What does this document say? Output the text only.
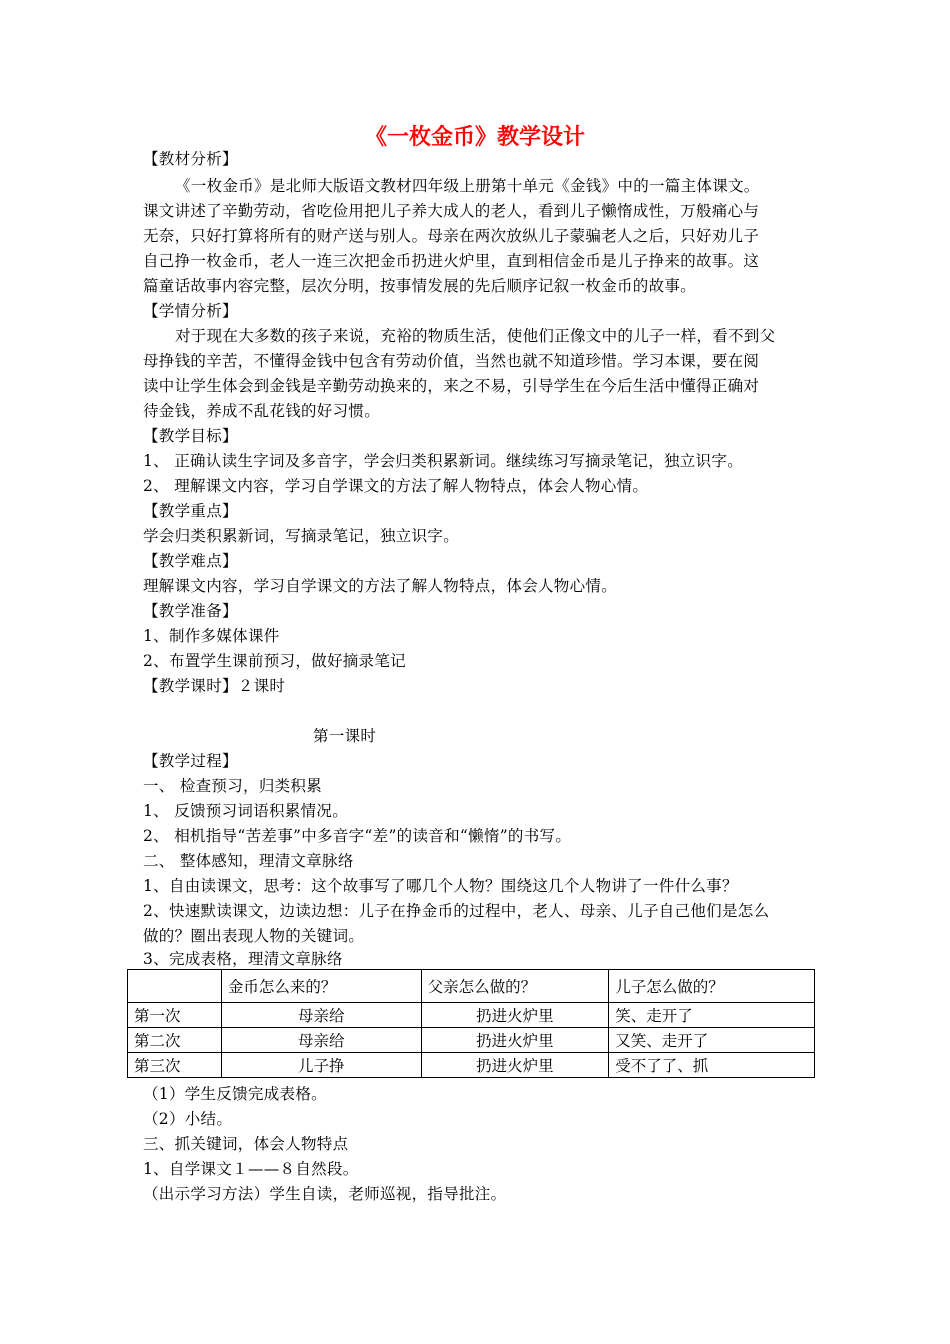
《一枚金币》教学设计
【教材分析】
《一枚金币》是北师大版语文教材四年级上册第十单元《金钱》中的一篇主体课文。
课文讲述了辛勤劳动，省吃俭用把儿子养大成人的老人，看到儿子懒惰成性，万般痛心与
无奈，只好打算将所有的财产送与别人。母亲在两次放纵儿子蒙骗老人之后，只好劝儿子
自己挣一枚金币，老人一连三次把金币扔进火炉里，直到相信金币是儿子挣来的故事。这
篇童话故事内容完整，层次分明，按事情发展的先后顺序记叙一枚金币的故事。
【学情分析】
对于现在大多数的孩子来说，充裕的物质生活，使他们正像文中的儿子一样，看不到父
母挣钱的辛苦，不懂得金钱中包含有劳动价值，当然也就不知道珍惜。学习本课，要在阅
读中让学生体会到金钱是辛勤劳动换来的，来之不易，引导学生在今后生活中懂得正确对
待金钱，养成不乱花钱的好习惯。
【教学目标】
1、 正确认读生字词及多音字，学会归类积累新词。继续练习写摘录笔记，独立识字。
2、 理解课文内容，学习自学课文的方法了解人物特点，体会人物心情。
【教学重点】
学会归类积累新词，写摘录笔记，独立识字。
【教学难点】
理解课文内容，学习自学课文的方法了解人物特点，体会人物心情。
【教学准备】
1、制作多媒体课件
2、布置学生课前预习，做好摘录笔记
【教学课时】２课时
第一课时
【教学过程】
一、 检查预习，归类积累
1、 反馈预习词语积累情况。
2、 相机指导“苦差事”中多音字“差”的读音和“懒惰”的书写。
二、 整体感知，理清文章脉络
1、自由读课文，思考：这个故事写了哪几个人物？围绕这几个人物讲了一件什么事？
2、快速默读课文，边读边想：儿子在挣金币的过程中，老人、母亲、儿子自己他们是怎么
做的？圈出表现人物的关键词。
3、完成表格，理清文章脉络
	金币怎么来的？	父亲怎么做的？	儿子怎么做的？
第一次	母亲给	扔进火炉里	笑、走开了
第二次	母亲给	扔进火炉里	又笑、走开了
第三次	儿子挣	扔进火炉里	受不了了、抓
（1）学生反馈完成表格。
（2）小结。
三、抓关键词，体会人物特点
1、自学课文１——８自然段。
（出示学习方法）学生自读，老师巡视，指导批注。
